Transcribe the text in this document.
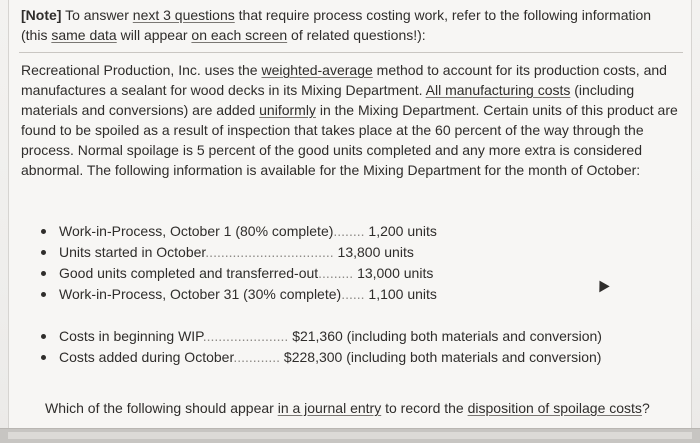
[Note] To answer next 3 questions that require process costing work, refer to the following information (this same data will appear on each screen of related questions!):
Recreational Production, Inc. uses the weighted-average method to account for its production costs, and manufactures a sealant for wood decks in its Mixing Department. All manufacturing costs (including materials and conversions) are added uniformly in the Mixing Department. Certain units of this product are found to be spoiled as a result of inspection that takes place at the 60 percent of the way through the process. Normal spoilage is 5 percent of the good units completed and any more extra is considered abnormal. The following information is available for the Mixing Department for the month of October:
Work-in-Process, October 1 (80% complete)........ 1,200 units
Units started in October................................. 13,800 units
Good units completed and transferred-out......... 13,000 units
Work-in-Process, October 31 (30% complete)...... 1,100 units
Costs in beginning WIP...................... $21,360 (including both materials and conversion)
Costs added during October............ $228,300 (including both materials and conversion)
Which of the following should appear in a journal entry to record the disposition of spoilage costs?
